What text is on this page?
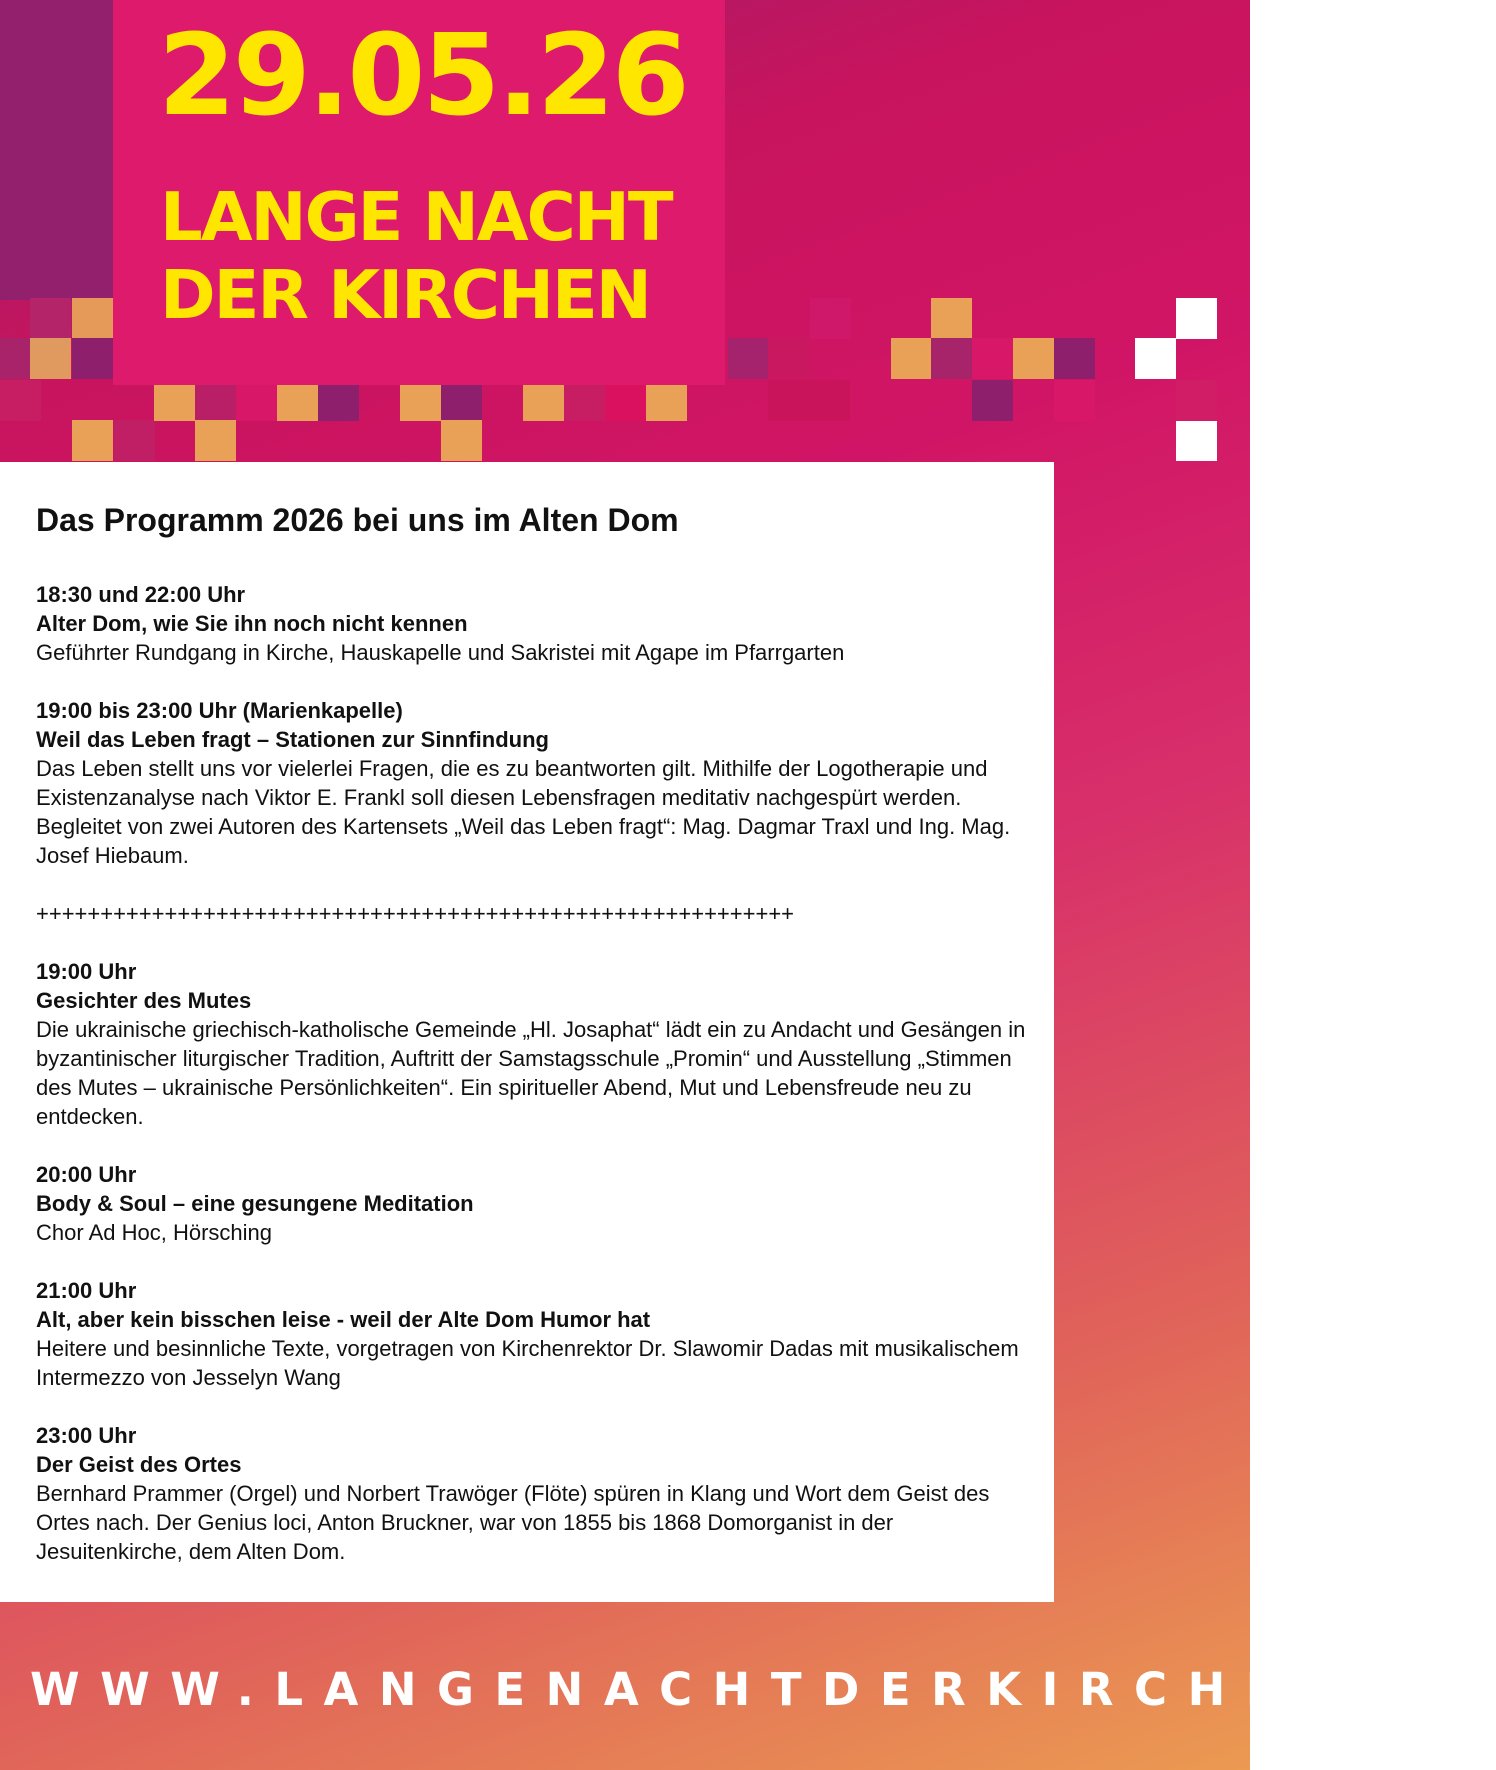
29.05.26
LANGE NACHT
DER KIRCHEN
Das Programm 2026 bei uns im Alten Dom
18:30 und 22:00 Uhr
Alter Dom, wie Sie ihn noch nicht kennen
Geführter Rundgang in Kirche, Hauskapelle und Sakristei mit Agape im Pfarrgarten
19:00 bis 23:00 Uhr (Marienkapelle)
Weil das Leben fragt – Stationen zur Sinnfindung
Das Leben stellt uns vor vielerlei Fragen, die es zu beantworten gilt. Mithilfe der Logotherapie und Existenzanalyse nach Viktor E. Frankl soll diesen Lebensfragen meditativ nachgespürt werden. Begleitet von zwei Autoren des Kartensets „Weil das Leben fragt“: Mag. Dagmar Traxl und Ing. Mag. Josef Hiebaum.
+++++++++++++++++++++++++++++++++++++++++++++++++++++++++++
19:00 Uhr
Gesichter des Mutes
Die ukrainische griechisch-katholische Gemeinde „Hl. Josaphat“ lädt ein zu Andacht und Gesängen in byzantinischer liturgischer Tradition, Auftritt der Samstagsschule „Promin“ und Ausstellung „Stimmen des Mutes – ukrainische Persönlichkeiten“. Ein spiritueller Abend, Mut und Lebensfreude neu zu entdecken.
20:00 Uhr
Body & Soul – eine gesungene Meditation
Chor Ad Hoc, Hörsching
21:00 Uhr
Alt, aber kein bisschen leise - weil der Alte Dom Humor hat
Heitere und besinnliche Texte, vorgetragen von Kirchenrektor Dr. Slawomir Dadas mit musikalischem Intermezzo von Jesselyn Wang
23:00 Uhr
Der Geist des Ortes
Bernhard Prammer (Orgel) und Norbert Trawöger (Flöte) spüren in Klang und Wort dem Geist des Ortes nach. Der Genius loci, Anton Bruckner, war von 1855 bis 1868 Domorganist in der Jesuitenkirche, dem Alten Dom.
WWW.LANGENACHTDERKIRCHEN.AT
